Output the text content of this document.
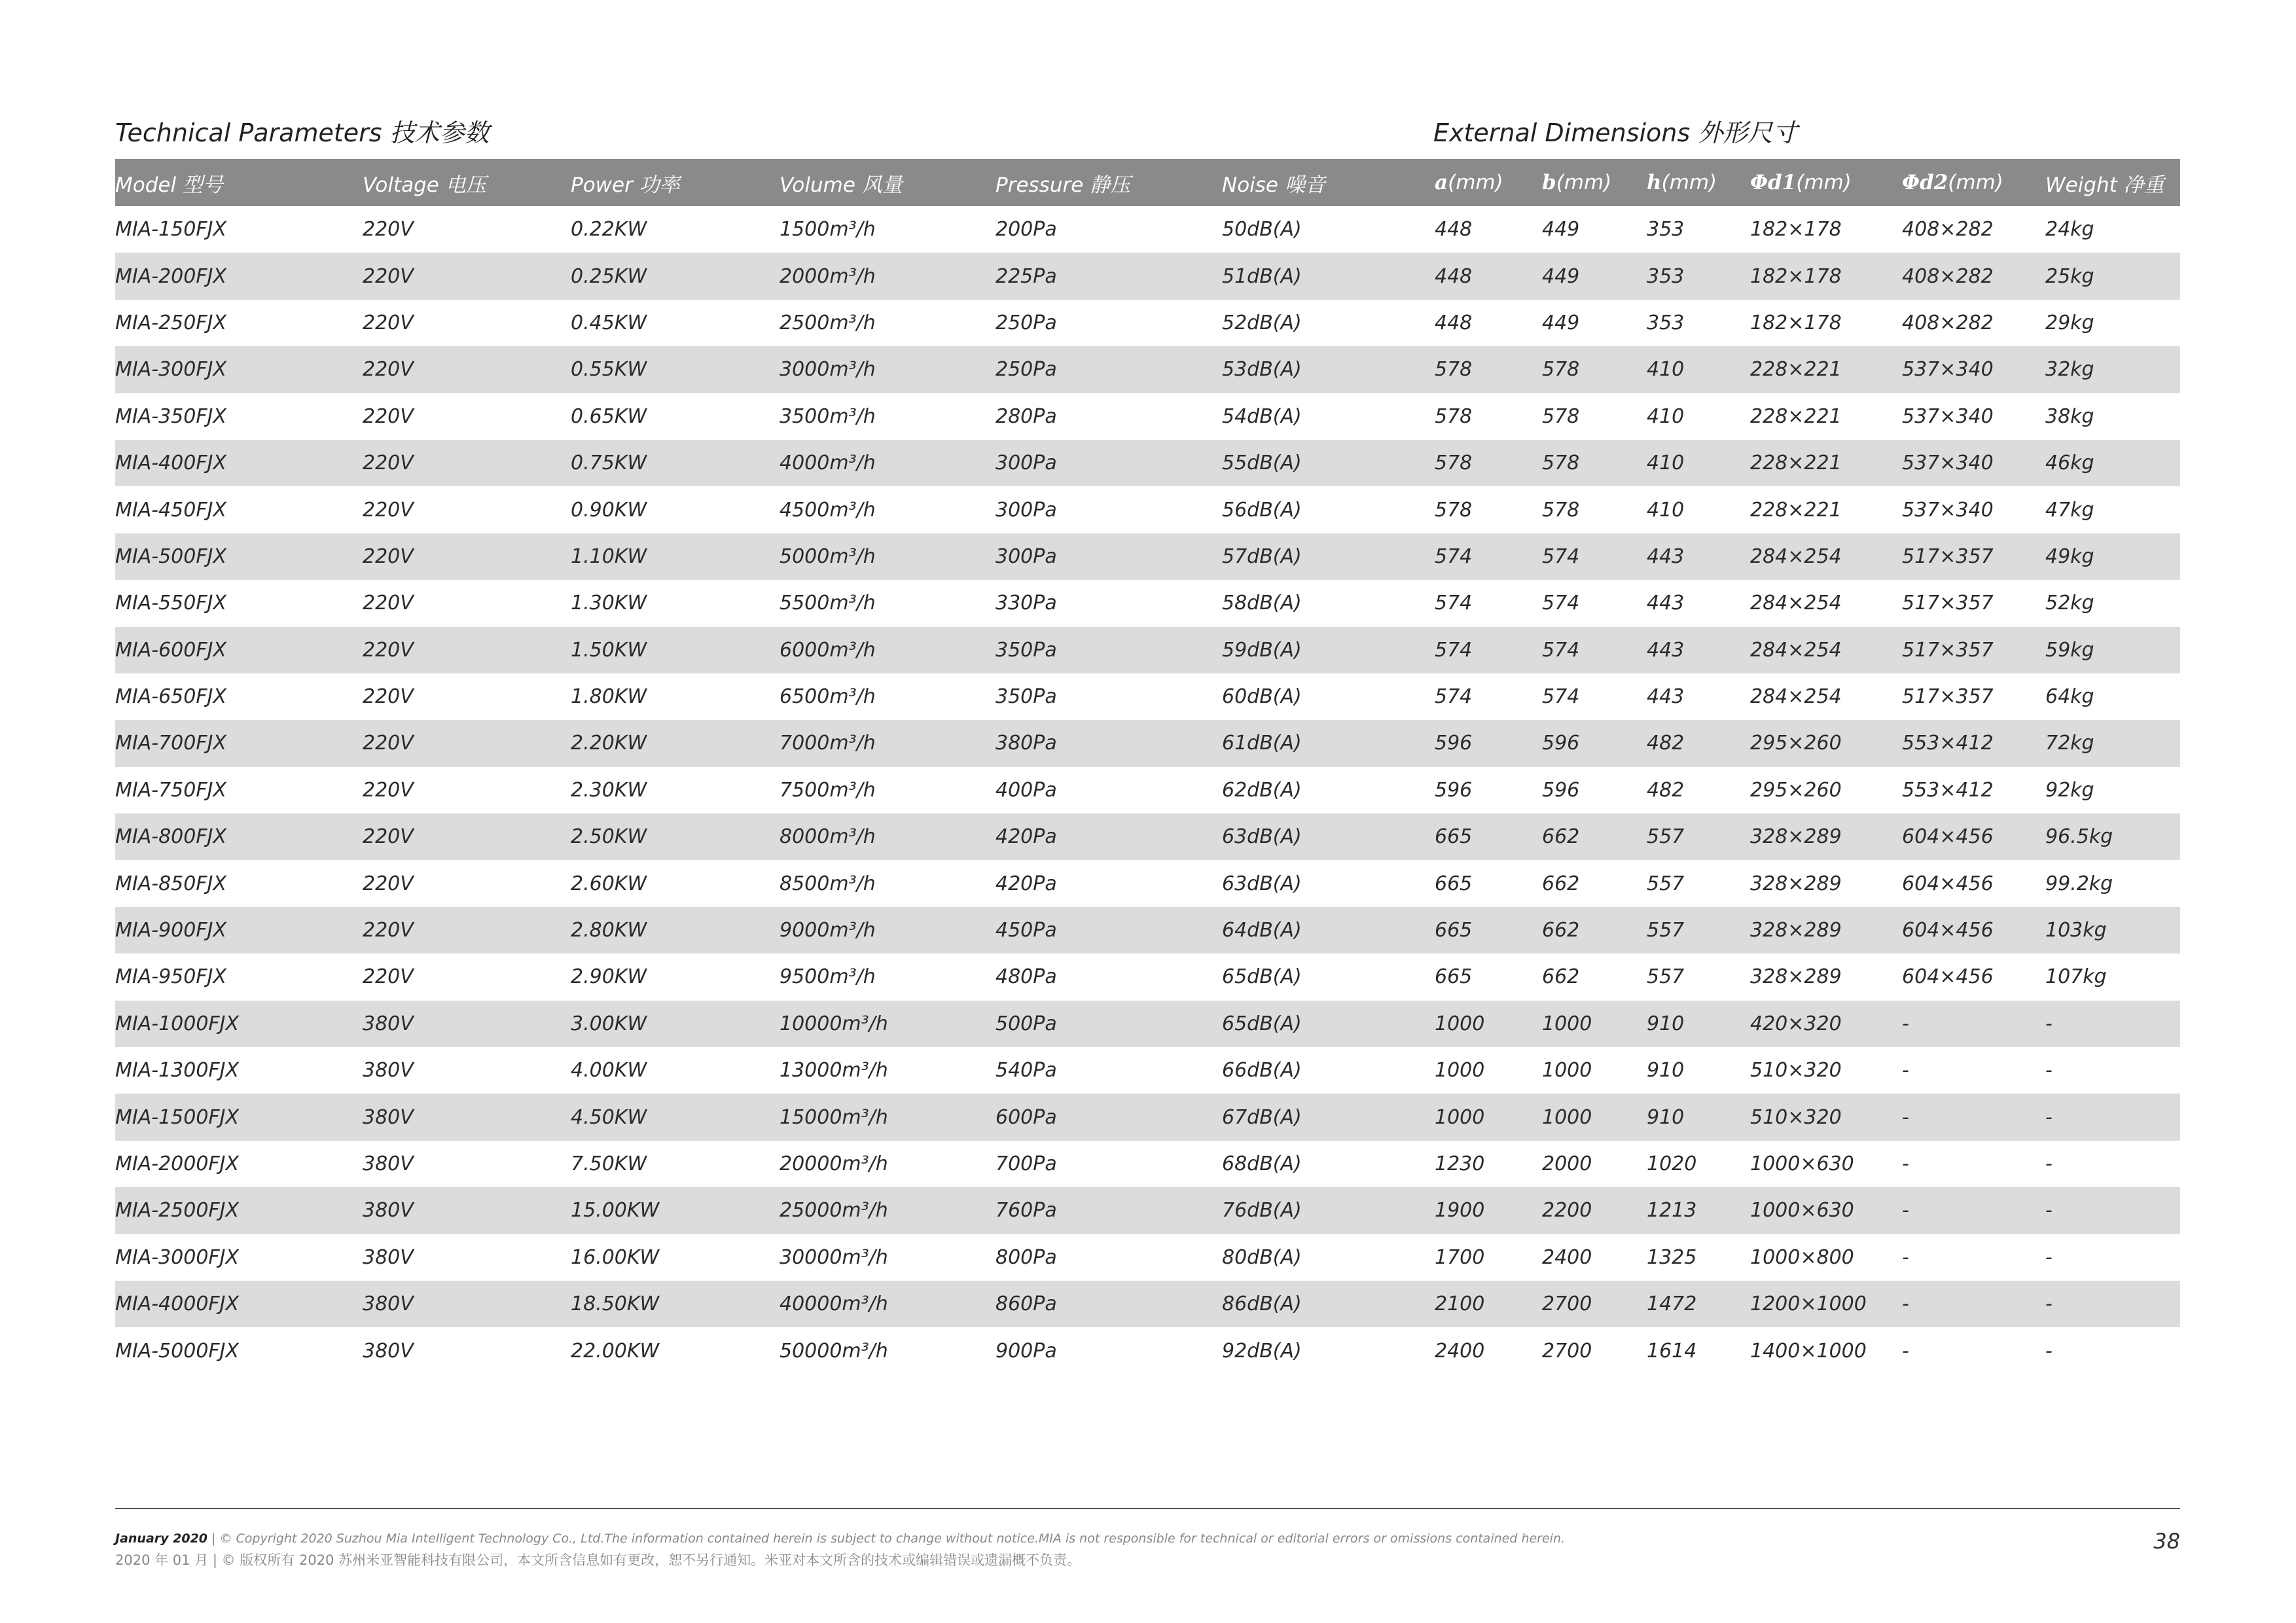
Technical Parameters 技术参数	External Dimensions 外形尺寸
Model 型号	Voltage 电压	Power 功率	Volume 风量	Pressure 静压	Noise 噪音	a(mm)	b(mm)	h(mm)	Φd1(mm)	Φd2(mm)	Weight 净重
MIA-150FJX	220V	0.22KW	1500m³/h	200Pa	50dB(A)	448	449	353	182×178	408×282	24kg
MIA-200FJX	220V	0.25KW	2000m³/h	225Pa	51dB(A)	448	449	353	182×178	408×282	25kg
MIA-250FJX	220V	0.45KW	2500m³/h	250Pa	52dB(A)	448	449	353	182×178	408×282	29kg
MIA-300FJX	220V	0.55KW	3000m³/h	250Pa	53dB(A)	578	578	410	228×221	537×340	32kg
MIA-350FJX	220V	0.65KW	3500m³/h	280Pa	54dB(A)	578	578	410	228×221	537×340	38kg
MIA-400FJX	220V	0.75KW	4000m³/h	300Pa	55dB(A)	578	578	410	228×221	537×340	46kg
MIA-450FJX	220V	0.90KW	4500m³/h	300Pa	56dB(A)	578	578	410	228×221	537×340	47kg
MIA-500FJX	220V	1.10KW	5000m³/h	300Pa	57dB(A)	574	574	443	284×254	517×357	49kg
MIA-550FJX	220V	1.30KW	5500m³/h	330Pa	58dB(A)	574	574	443	284×254	517×357	52kg
MIA-600FJX	220V	1.50KW	6000m³/h	350Pa	59dB(A)	574	574	443	284×254	517×357	59kg
MIA-650FJX	220V	1.80KW	6500m³/h	350Pa	60dB(A)	574	574	443	284×254	517×357	64kg
MIA-700FJX	220V	2.20KW	7000m³/h	380Pa	61dB(A)	596	596	482	295×260	553×412	72kg
MIA-750FJX	220V	2.30KW	7500m³/h	400Pa	62dB(A)	596	596	482	295×260	553×412	92kg
MIA-800FJX	220V	2.50KW	8000m³/h	420Pa	63dB(A)	665	662	557	328×289	604×456	96.5kg
MIA-850FJX	220V	2.60KW	8500m³/h	420Pa	63dB(A)	665	662	557	328×289	604×456	99.2kg
MIA-900FJX	220V	2.80KW	9000m³/h	450Pa	64dB(A)	665	662	557	328×289	604×456	103kg
MIA-950FJX	220V	2.90KW	9500m³/h	480Pa	65dB(A)	665	662	557	328×289	604×456	107kg
MIA-1000FJX	380V	3.00KW	10000m³/h	500Pa	65dB(A)	1000	1000	910	420×320	-	-
MIA-1300FJX	380V	4.00KW	13000m³/h	540Pa	66dB(A)	1000	1000	910	510×320	-	-
MIA-1500FJX	380V	4.50KW	15000m³/h	600Pa	67dB(A)	1000	1000	910	510×320	-	-
MIA-2000FJX	380V	7.50KW	20000m³/h	700Pa	68dB(A)	1230	2000	1020	1000×630	-	-
MIA-2500FJX	380V	15.00KW	25000m³/h	760Pa	76dB(A)	1900	2200	1213	1000×630	-	-
MIA-3000FJX	380V	16.00KW	30000m³/h	800Pa	80dB(A)	1700	2400	1325	1000×800	-	-
MIA-4000FJX	380V	18.50KW	40000m³/h	860Pa	86dB(A)	2100	2700	1472	1200×1000	-	-
MIA-5000FJX	380V	22.00KW	50000m³/h	900Pa	92dB(A)	2400	2700	1614	1400×1000	-	-
January 2020 | © Copyright 2020 Suzhou Mia Intelligent Technology Co., Ltd.The information contained herein is subject to change without notice.MIA is not responsible for technical or editorial errors or omissions contained herein.
2020 年 01 月 | © 版权所有 2020 苏州米亚智能科技有限公司，本文所含信息如有更改，恕不另行通知。米亚对本文所含的技术或编辑错误或遗漏概不负责。
38
